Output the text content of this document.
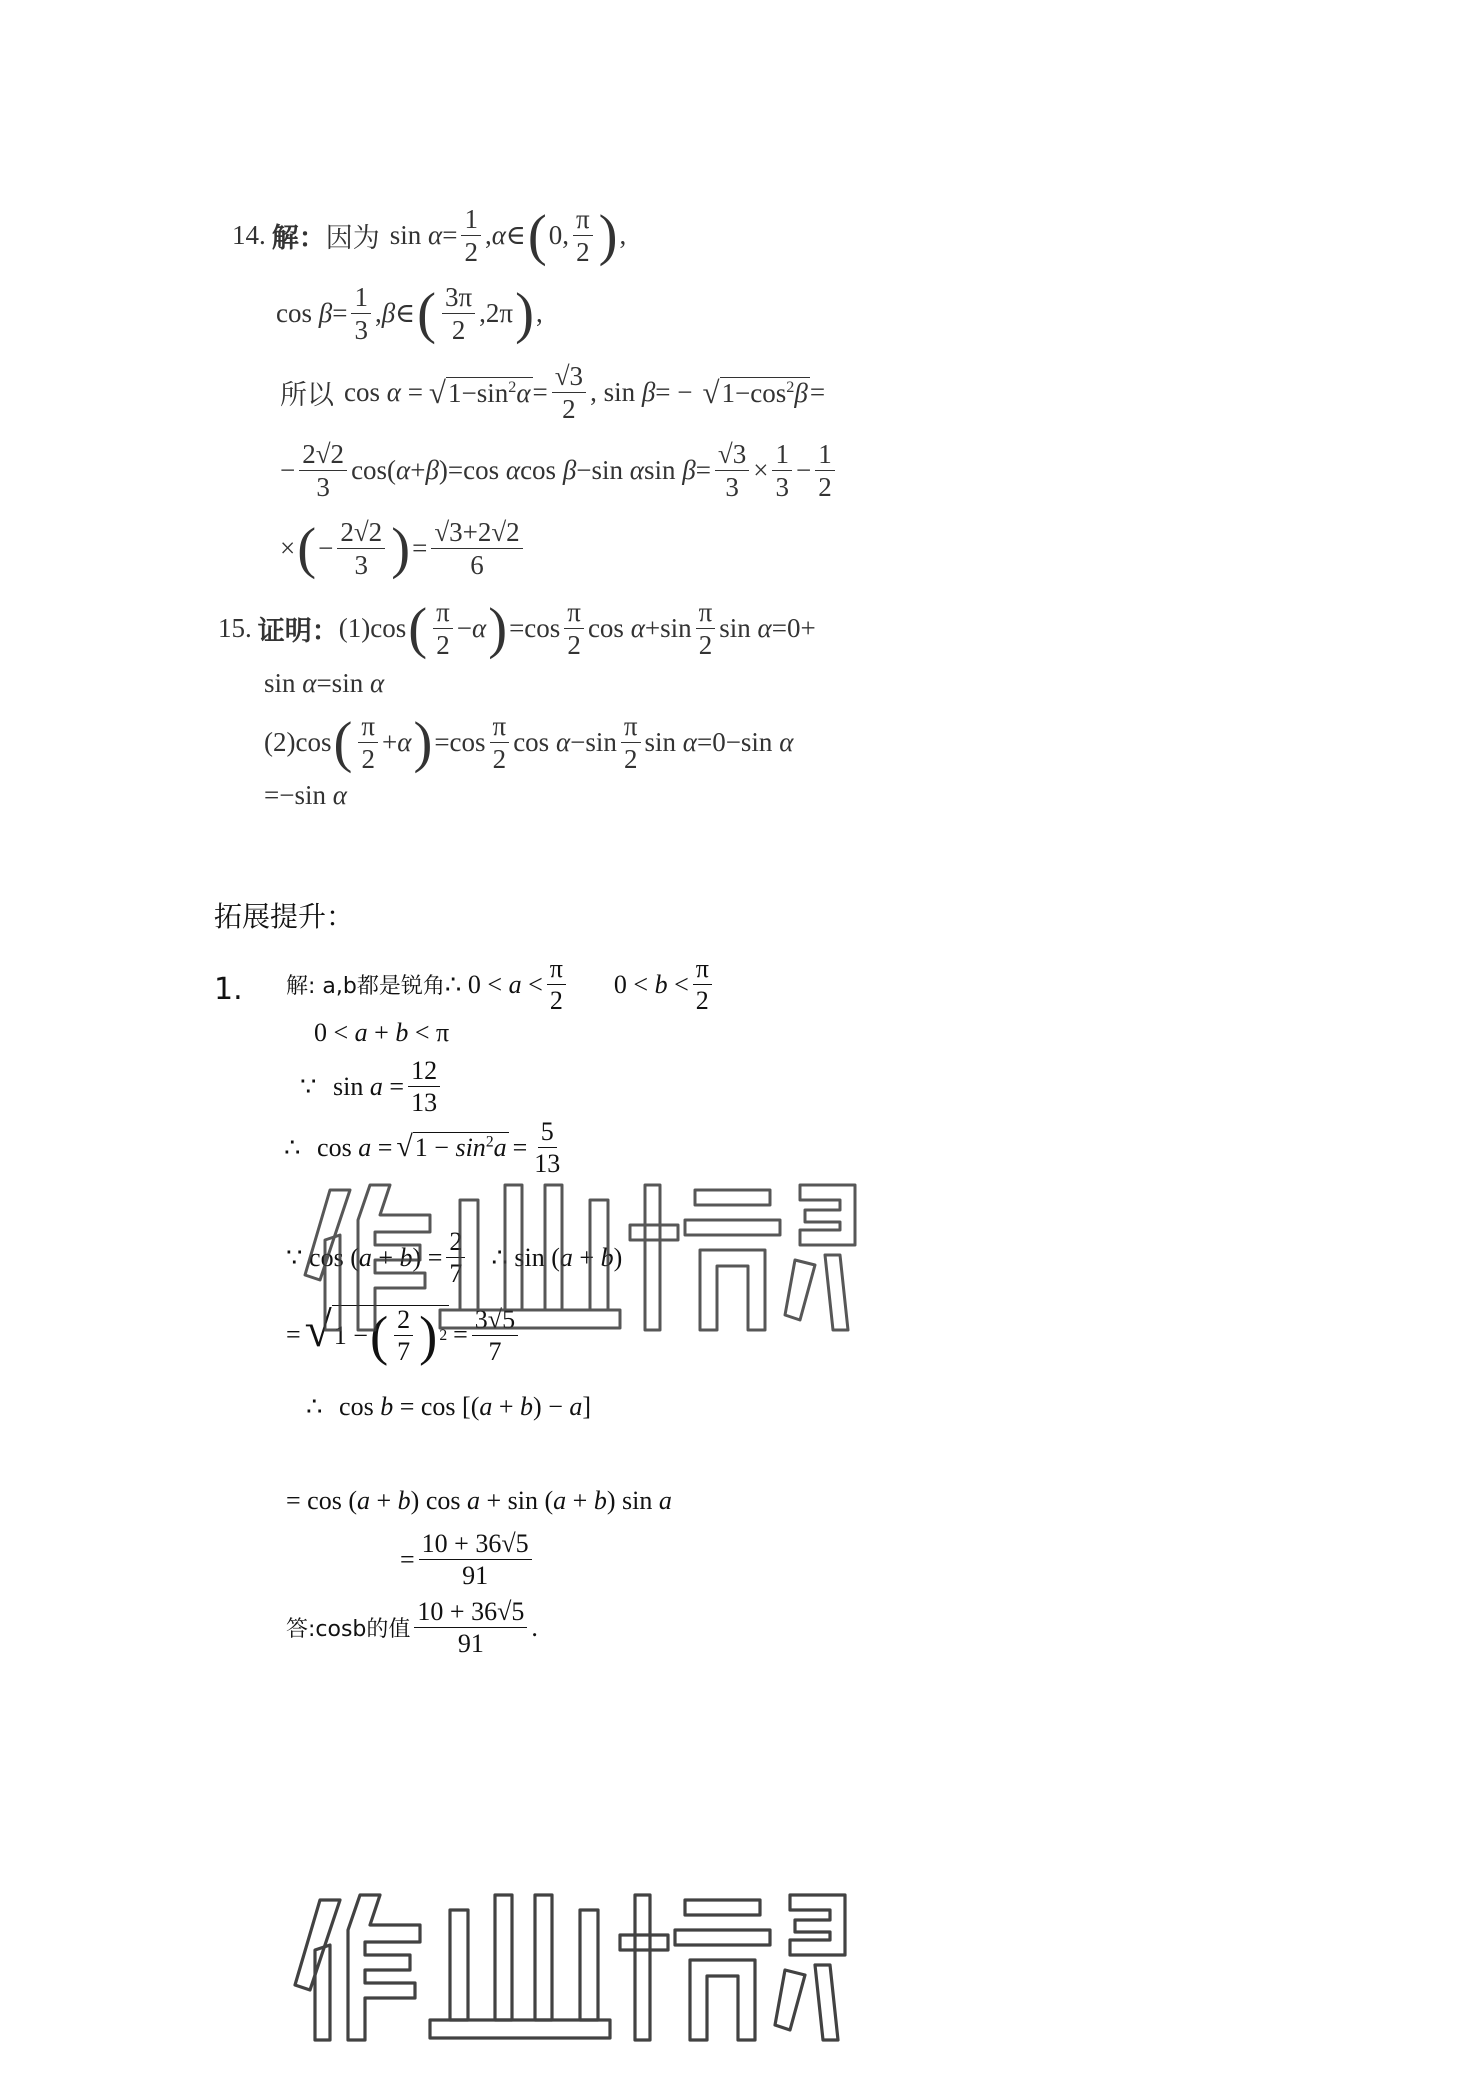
14. 解： 因为 $\sin \alpha= \frac{1}{2}$ ,α∈ ( 0, $\frac{\pi}{2}$ ) ,
$\cos \beta= \frac{1}{3}$ ,β∈ ( $\frac{3\pi}{2} ,2\pi$ ) ,
所以 cos α = √ $1-\sin^2\alpha = \frac{√3}{2}$ , sin β= − √ $1-\cos^2\beta$ =
− $\frac{2√2}{3} \cos(\alpha+\beta)=\cos$ αcos β−sin αsin $\beta= \frac{√3}{3} \times \frac{1}{3} - \frac{1}{2}$
× ( − $\frac{2√2}{3}$ ) = $\frac{√3+2√2}{6}$
15. 证明： (1) cos ( $\frac{\pi}{2} -\alpha$ ) $=\cos \frac{\pi}{2}$ $\cos \alpha+\sin \frac{\pi}{2}$ sin α=0+
sin α=sin α
(2) cos ( $\frac{\pi}{2} +\alpha$ ) $=\cos \frac{\pi}{2}$ $\cos \alpha-\sin \frac{\pi}{2}$ sin α=0−sin α
=−sin α
拓展提升：
1. 解: a,b都是锐角 ∴ $0 < a < \frac{\pi}{2} 0 < b < \frac{\pi}{2}$
0 < a + b < π
∵ $\sin a = \frac{12}{13}$
∴ cos a = √ $1 - \sin^2a = \frac{5}{13}$
∵ $\cos (a + b) = \frac{2}{7}$ ∴ sin (a + b)
= √ 1 − ( $\frac{2}{7}$ ) $2 = \frac{3√5}{7}$
∴ cos b = cos [(a + b) − a]
= cos (a + b) cos a + sin (a + b) sin a
= $\frac{10 + 36√5}{91}$
答:cosb的值 $\frac{10 + 36√5}{91}$ .
